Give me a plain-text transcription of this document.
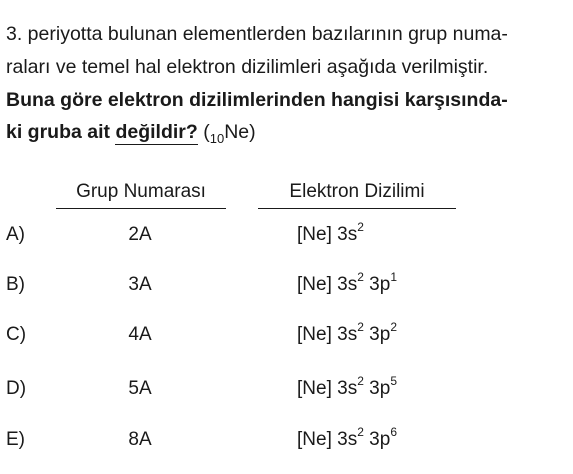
3. periyotta bulunan elementlerden bazılarının grup numa-
raları ve temel hal elektron dizilimleri aşağıda verilmiştir.
Buna göre elektron dizilimlerinden hangisi karşısında-
ki gruba ait değildir? $(_{10}Ne)$
Grup Numarası	Elektron Dizilimi
A)	2A	[Ne] $3s^2$
B)	3A	[Ne] $3s^2$ $3p^1$
C)	4A	[Ne] $3s^2$ $3p^2$
D)	5A	[Ne] $3s^2$ $3p^5$
E)	8A	[Ne] $3s^2$ $3p^6$
